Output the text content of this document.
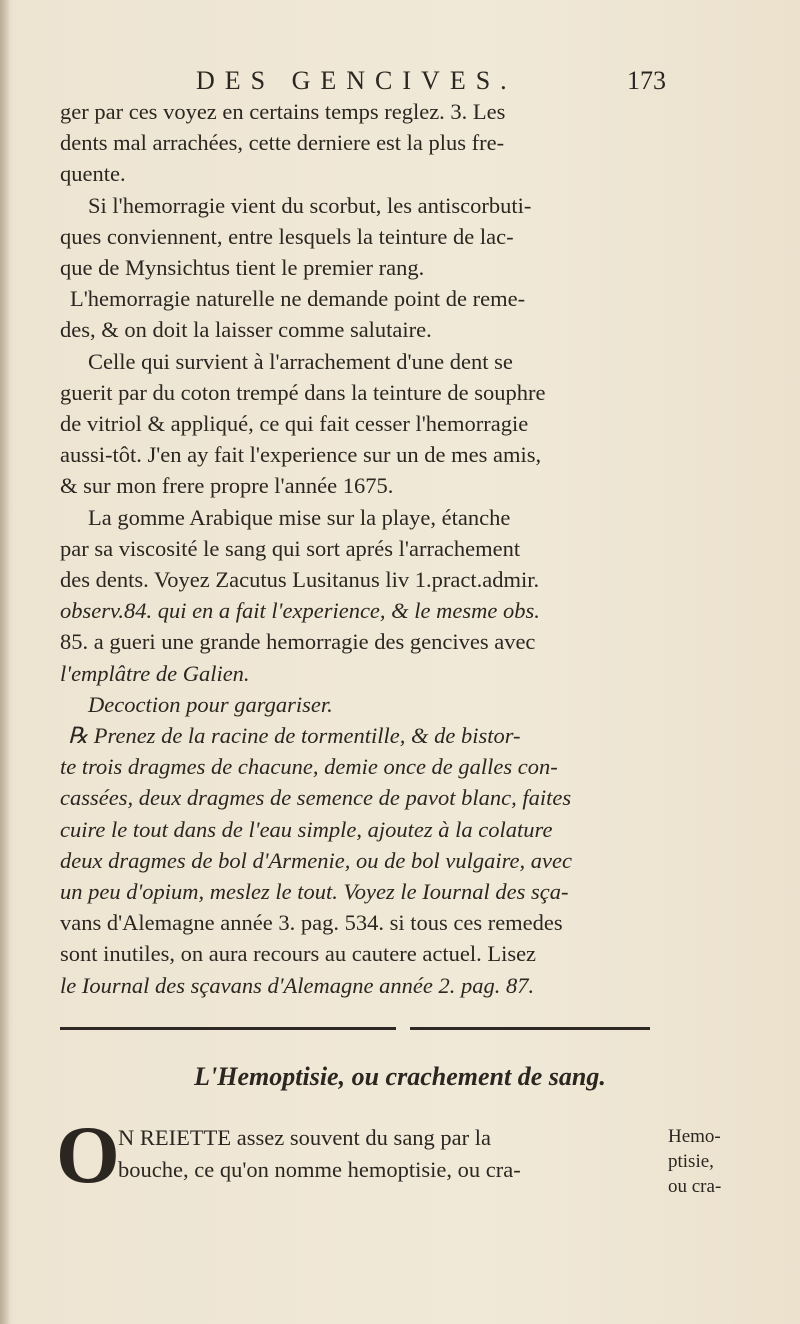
DES GENCIVES.	173

ger par ces voyez en certains temps reglez. 3. Les

dents mal arrachées, cette derniere est la plus fre-

quente.

Si l'hemorragie vient du scorbut, les antiscorbuti-

ques conviennent, entre lesquels la teinture de lac-

que de Mynsichtus tient le premier rang.

L'hemorragie naturelle ne demande point de reme-

des, & on doit la laisser comme salutaire.

Celle qui survient à l'arrachement d'une dent se

guerit par du coton trempé dans la teinture de souphre

de vitriol & appliqué, ce qui fait cesser l'hemorragie

aussi-tôt. J'en ay fait l'experience sur un de mes amis,

& sur mon frere propre l'année 1675.

La gomme Arabique mise sur la playe, étanche

par sa viscosité le sang qui sort aprés l'arrachement

des dents. Voyez Zacutus Lusitanus liv 1.pract.admir.

observ.84. qui en a fait l'experience, & le mesme obs.

85. a gueri une grande hemorragie des gencives avec

l'emplâtre de Galien.

Decoction pour gargariser.

℞ Prenez de la racine de tormentille, & de bistor-

te trois dragmes de chacune, demie once de galles con-

cassées, deux dragmes de semence de pavot blanc, faites

cuire le tout dans de l'eau simple, ajoutez à la colature

deux dragmes de bol d'Armenie, ou de bol vulgaire, avec

un peu d'opium, meslez le tout. Voyez le Iournal des sça-

vans d'Alemagne année 3. pag. 534. si tous ces remedes

sont inutiles, on aura recours au cautere actuel. Lisez

le Iournal des sçavans d'Alemagne année 2. pag. 87.

L'Hemoptisie, ou crachement de sang.
O

N REIETTE assez souvent du sang par la

bouche, ce qu'on nomme hemoptisie, ou cra-

Hemo-
ptisie,
ou cra-
